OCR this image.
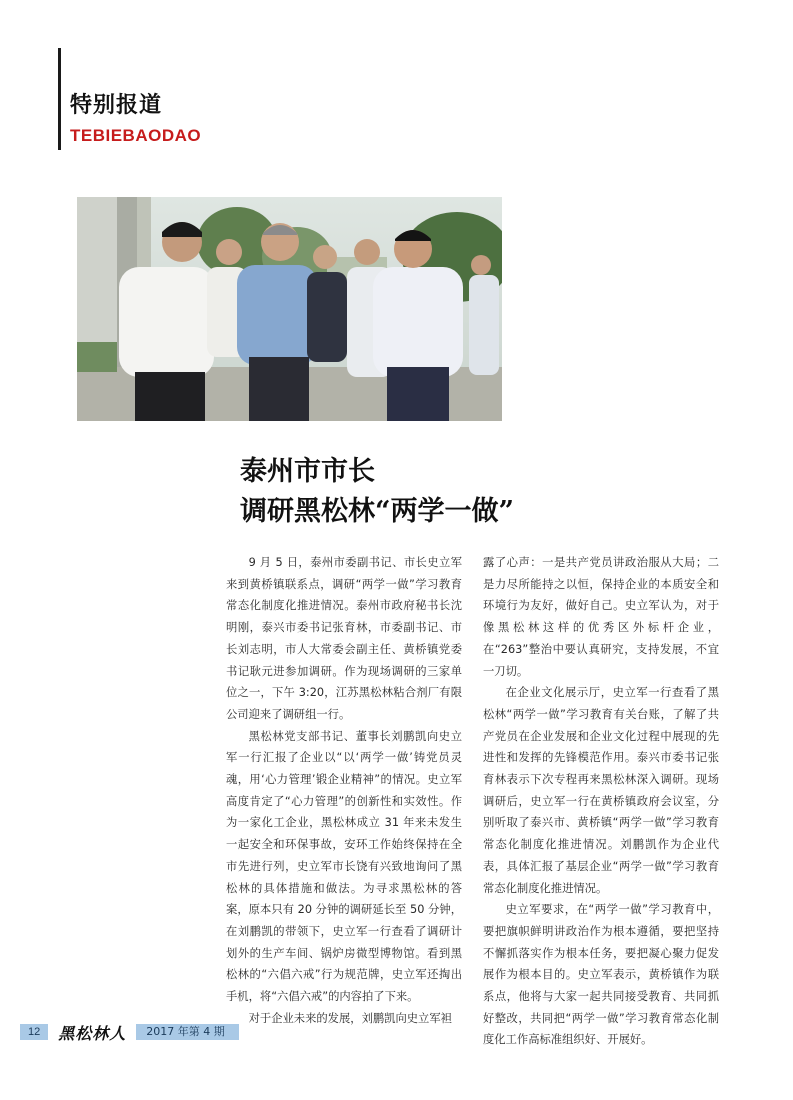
特别报道
TEBIEBAODAO
泰州市市长
调研黑松林“两学一做”

9 月 5 日，泰州市委副书记、市长史立军来到黄桥镇联系点，调研“两学一做”学习教育常态化制度化推进情况。泰州市政府秘书长沈明刚，泰兴市委书记张育林，市委副书记、市长刘志明，市人大常委会副主任、黄桥镇党委书记耿元进参加调研。作为现场调研的三家单位之一，下午 3:20，江苏黑松林粘合剂厂有限公司迎来了调研组一行。

黑松林党支部书记、董事长刘鹏凯向史立军一行汇报了企业以“以‘两学一做’铸党员灵魂，用‘心力管理’锻企业精神”的情况。史立军高度肯定了“心力管理”的创新性和实效性。作为一家化工企业，黑松林成立 31 年来未发生一起安全和环保事故，安环工作始终保持在全市先进行列，史立军市长饶有兴致地询问了黑松林的具体措施和做法。为寻求黑松林的答案，原本只有 20 分钟的调研延长至 50 分钟，在刘鹏凯的带领下，史立军一行查看了调研计划外的生产车间、锅炉房微型博物馆。看到黑松林的“六倡六戒”行为规范牌，史立军还掏出手机，将“六倡六戒”的内容拍了下来。

对于企业未来的发展，刘鹏凯向史立军袒

露了心声：一是共产党员讲政治服从大局；二是力尽所能持之以恒，保持企业的本质安全和环境行为友好，做好自己。史立军认为，对于像黑松林这样的优秀区外标杆企业，在“263”整治中要认真研究，支持发展，不宜一刀切。

在企业文化展示厅，史立军一行查看了黑松林“两学一做”学习教育有关台账，了解了共产党员在企业发展和企业文化过程中展现的先进性和发挥的先锋模范作用。泰兴市委书记张育林表示下次专程再来黑松林深入调研。现场调研后，史立军一行在黄桥镇政府会议室，分别听取了泰兴市、黄桥镇“两学一做”学习教育常态化制度化推进情况。刘鹏凯作为企业代表，具体汇报了基层企业“两学一做”学习教育常态化制度化推进情况。

史立军要求，在“两学一做”学习教育中，要把旗帜鲜明讲政治作为根本遵循，要把坚持不懈抓落实作为根本任务，要把凝心聚力促发展作为根本目的。史立军表示，黄桥镇作为联系点，他将与大家一起共同接受教育、共同抓好整改，共同把“两学一做”学习教育常态化制度化工作高标准组织好、开展好。

12	黑松林人	2017 年第 4 期
